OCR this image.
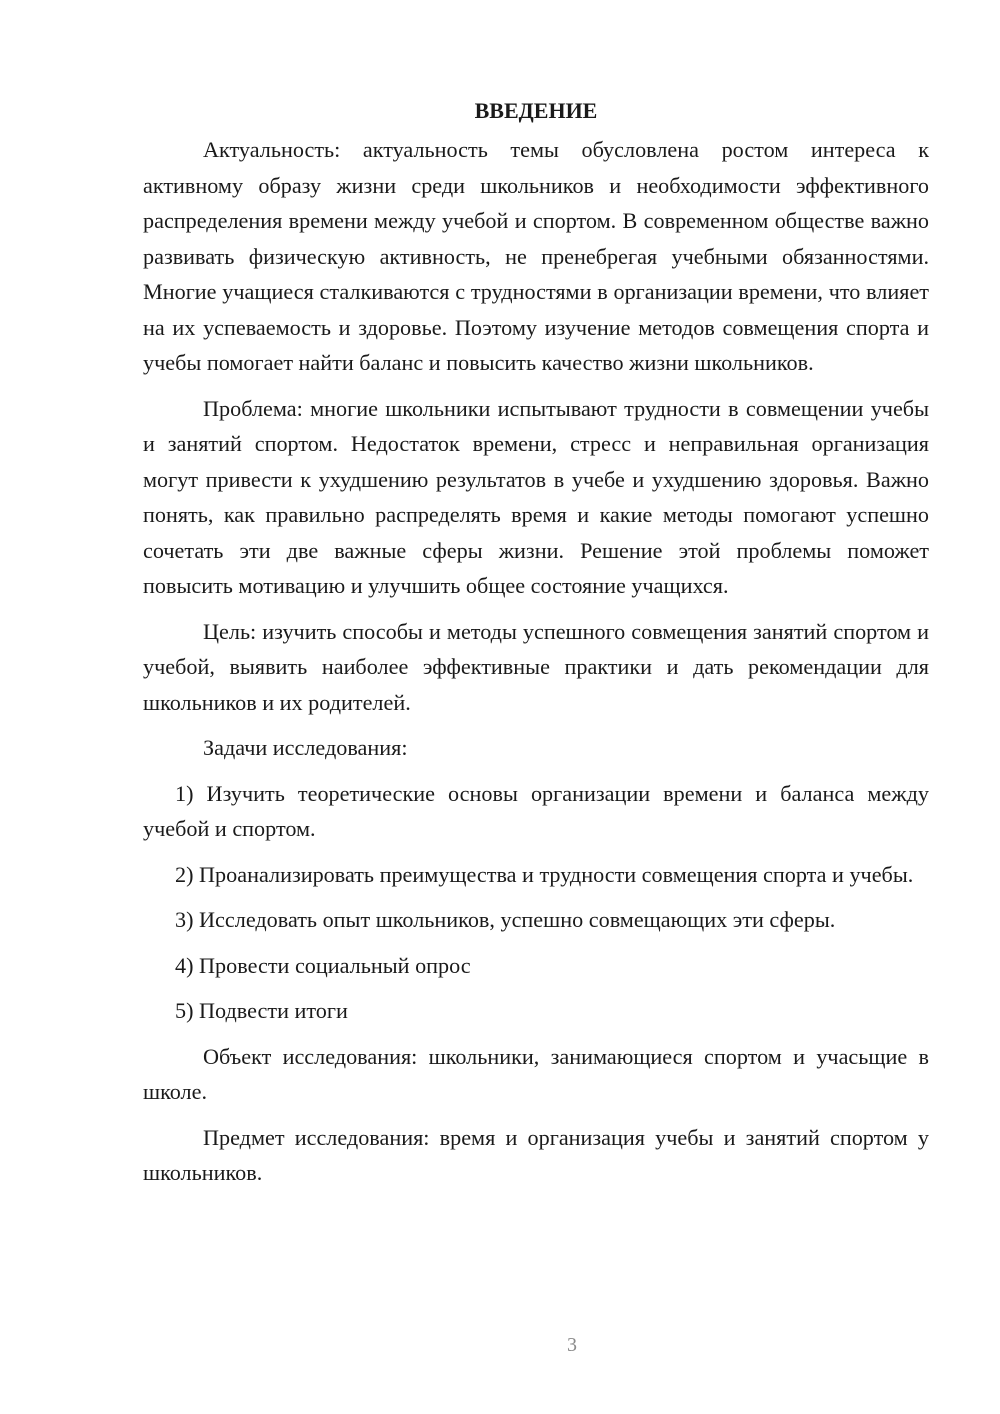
ВВЕДЕНИЕ

Актуальность: актуальность темы обусловлена ростом интереса к активному образу жизни среди школьников и необходимости эффективного распределения времени между учебой и спортом. В современном обществе важно развивать физическую активность, не пренебрегая учебными обязанностями. Многие учащиеся сталкиваются с трудностями в организации времени, что влияет на их успеваемость и здоровье. Поэтому изучение методов совмещения спорта и учебы помогает найти баланс и повысить качество жизни школьников.

Проблема: многие школьники испытывают трудности в совмещении учебы и занятий спортом. Недостаток времени, стресс и неправильная организация могут привести к ухудшению результатов в учебе и ухудшению здоровья. Важно понять, как правильно распределять время и какие методы помогают успешно сочетать эти две важные сферы жизни. Решение этой проблемы поможет повысить мотивацию и улучшить общее состояние учащихся.

Цель: изучить способы и методы успешного совмещения занятий спортом и учебой, выявить наиболее эффективные практики и дать рекомендации для школьников и их родителей.

Задачи исследования:

1) Изучить теоретические основы организации времени и баланса между учебой и спортом.

2) Проанализировать преимущества и трудности совмещения спорта и учебы.

3) Исследовать опыт школьников, успешно совмещающих эти сферы.

4) Провести социальный опрос

5) Подвести итоги

Объект исследования: школьники, занимающиеся спортом и учасьщие в школе.

Предмет исследования: время и организация учебы и занятий спортом у школьников.

3
